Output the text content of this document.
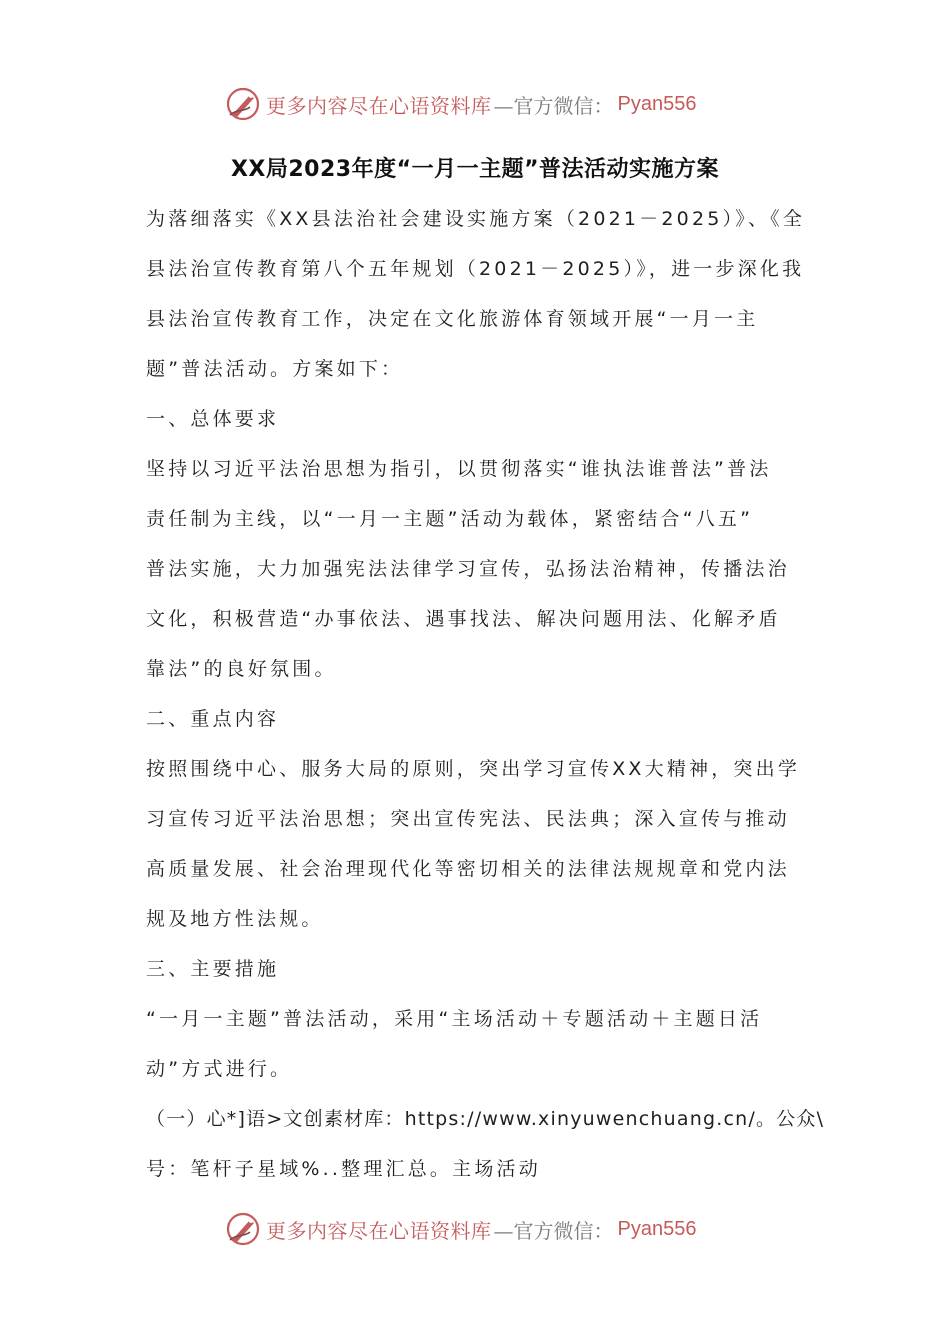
更多内容尽在心语资料库 —官方微信： Pyan556
XX局2023年度“一月一主题”普法活动实施方案
为落细落实《XX县法治社会建设实施方案（2021－2025）》、《全
县法治宣传教育第八个五年规划（2021－2025）》，进一步深化我
县法治宣传教育工作，决定在文化旅游体育领域开展“一月一主
题”普法活动。方案如下：
一、总体要求
坚持以习近平法治思想为指引，以贯彻落实“谁执法谁普法”普法
责任制为主线，以“一月一主题”活动为载体，紧密结合“八五”
普法实施，大力加强宪法法律学习宣传，弘扬法治精神，传播法治
文化，积极营造“办事依法、遇事找法、解决问题用法、化解矛盾
靠法”的良好氛围。
二、重点内容
按照围绕中心、服务大局的原则，突出学习宣传XX大精神，突出学
习宣传习近平法治思想；突出宣传宪法、民法典；深入宣传与推动
高质量发展、社会治理现代化等密切相关的法律法规规章和党内法
规及地方性法规。
三、主要措施
“一月一主题”普法活动，采用“主场活动＋专题活动＋主题日活
动”方式进行。
（一）心*]语>文创素材库：https://www.xinyuwenchuang.cn/。公众\
号：笔杆子星域%..整理汇总。主场活动
更多内容尽在心语资料库 —官方微信： Pyan556
